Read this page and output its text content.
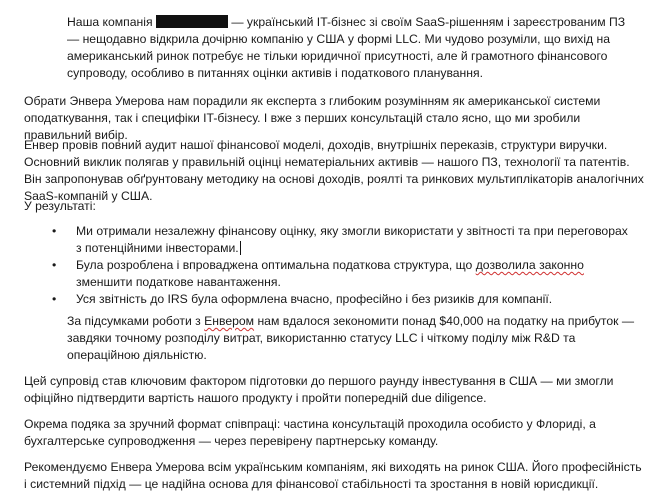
Наша компанія	— український IT-бізнес зі своїм SaaS-рішенням і зареєстрованим ПЗ — нещодавно відкрила дочірню компанію у США у формі LLC. Ми чудово розуміли, що вихід на американський ринок потребує не тільки юридичної присутності, але й грамотного фінансового супроводу, особливо в питаннях оцінки активів і податкового планування.

Обрати Энвера Умерова нам порадили як експерта з глибоким розумінням як американської системи оподаткування, так і специфіки IT-бізнесу. І вже з перших консультацій стало ясно, що ми зробили правильний вибір.

Енвер провів повний аудит нашої фінансової моделі, доходів, внутрішніх переказів, структури виручки. Основний виклик полягав у правильній оцінці нематеріальних активів — нашого ПЗ, технології та патентів. Він запропонував обґрунтовану методику на основі доходів, роялті та ринкових мультиплікаторів аналогічних SaaS-компаній у США.

У результаті:

• Ми отримали незалежну фінансову оцінку, яку змогли використати у звітності та при переговорах з потенційними інвесторами.
• Була розроблена і впроваджена оптимальна податкова структура, що дозволила законно зменшити податкове навантаження.
• Уся звітність до IRS була оформлена вчасно, професійно і без ризиків для компанії.

За підсумками роботи з Енвером нам вдалося зекономити понад $40,000 на податку на прибуток — завдяки точному розподілу витрат, використанню статусу LLC і чіткому поділу між R&D та операційною діяльністю.

Цей супровід став ключовим фактором підготовки до першого раунду інвестування в США — ми змогли офіційно підтвердити вартість нашого продукту і пройти попередній due diligence.

Окрема подяка за зручний формат співпраці: частина консультацій проходила особисто у Флориді, а бухгалтерське супроводження — через перевірену партнерську команду.

Рекомендуємо Енвера Умерова всім українським компаніям, які виходять на ринок США. Його професійність і системний підхід — це надійна основа для фінансової стабільності та зростання в новій юрисдикції.
